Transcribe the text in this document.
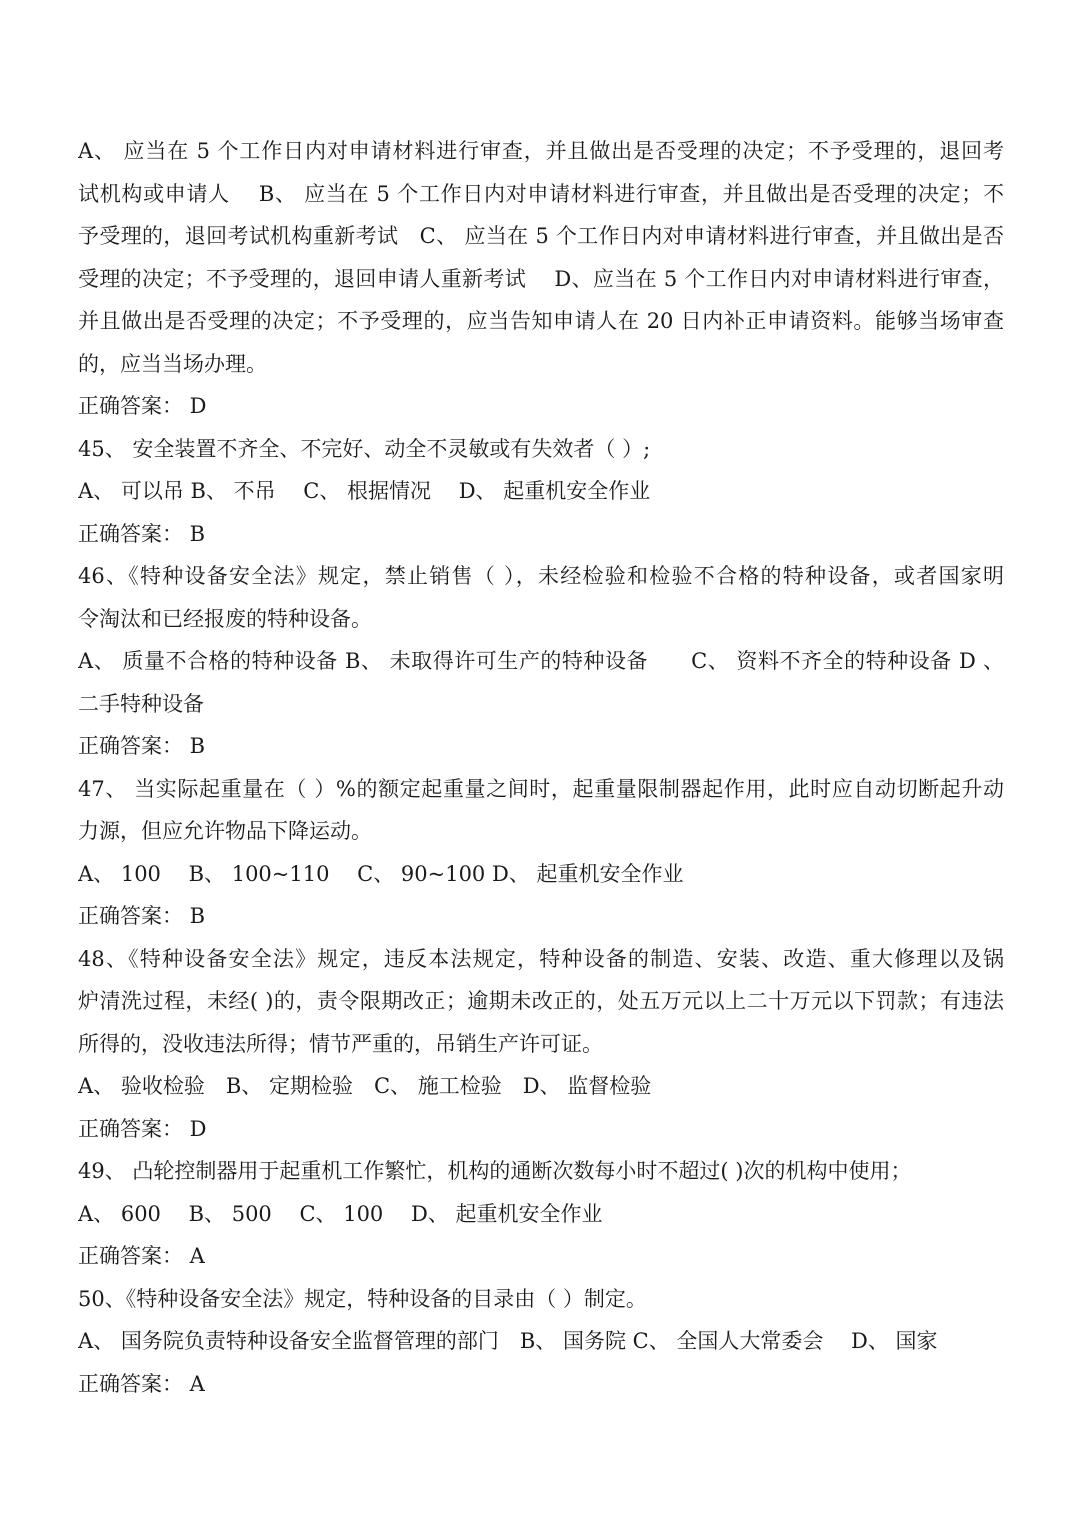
A、 应当在 5 个工作日内对申请材料进行审查，并且做出是否受理的决定；不予受理的，退回考
试机构或申请人　 B、 应当在 5 个工作日内对申请材料进行审查，并且做出是否受理的决定；不
予受理的，退回考试机构重新考试　C、 应当在 5 个工作日内对申请材料进行审查，并且做出是否
受理的决定；不予受理的，退回申请人重新考试　 D、应当在 5 个工作日内对申请材料进行审查，
并且做出是否受理的决定；不予受理的，应当告知申请人在 20 日内补正申请资料。能够当场审查
的，应当当场办理。
正确答案： D
45、 安全装置不齐全、不完好、动全不灵敏或有失效者（ ）;
A、 可以吊 B、 不吊　 C、 根据情况　 D、 起重机安全作业
正确答案： B
46、《特种设备安全法》规定，禁止销售（ ），未经检验和检验不合格的特种设备，或者国家明
令淘汰和已经报废的特种设备。
A、 质量不合格的特种设备 B、 未取得许可生产的特种设备　　C、 资料不齐全的特种设备 D 、
二手特种设备
正确答案： B
47、 当实际起重量在（ ）%的额定起重量之间时，起重量限制器起作用，此时应自动切断起升动
力源，但应允许物品下降运动。
A、 100　 B、 100~110　 C、 90~100 D、 起重机安全作业
正确答案： B
48、《特种设备安全法》规定，违反本法规定，特种设备的制造、安装、改造、重大修理以及锅
炉清洗过程，未经( )的，责令限期改正；逾期未改正的，处五万元以上二十万元以下罚款；有违法
所得的，没收违法所得；情节严重的，吊销生产许可证。
A、 验收检验　B、 定期检验　C、 施工检验　D、 监督检验
正确答案： D
49、 凸轮控制器用于起重机工作繁忙，机构的通断次数每小时不超过( )次的机构中使用；
A、 600　 B、 500　 C、 100　 D、 起重机安全作业
正确答案： A
50、《特种设备安全法》规定，特种设备的目录由（ ）制定。
A、 国务院负责特种设备安全监督管理的部门　B、 国务院 C、 全国人大常委会　 D、 国家
正确答案： A
